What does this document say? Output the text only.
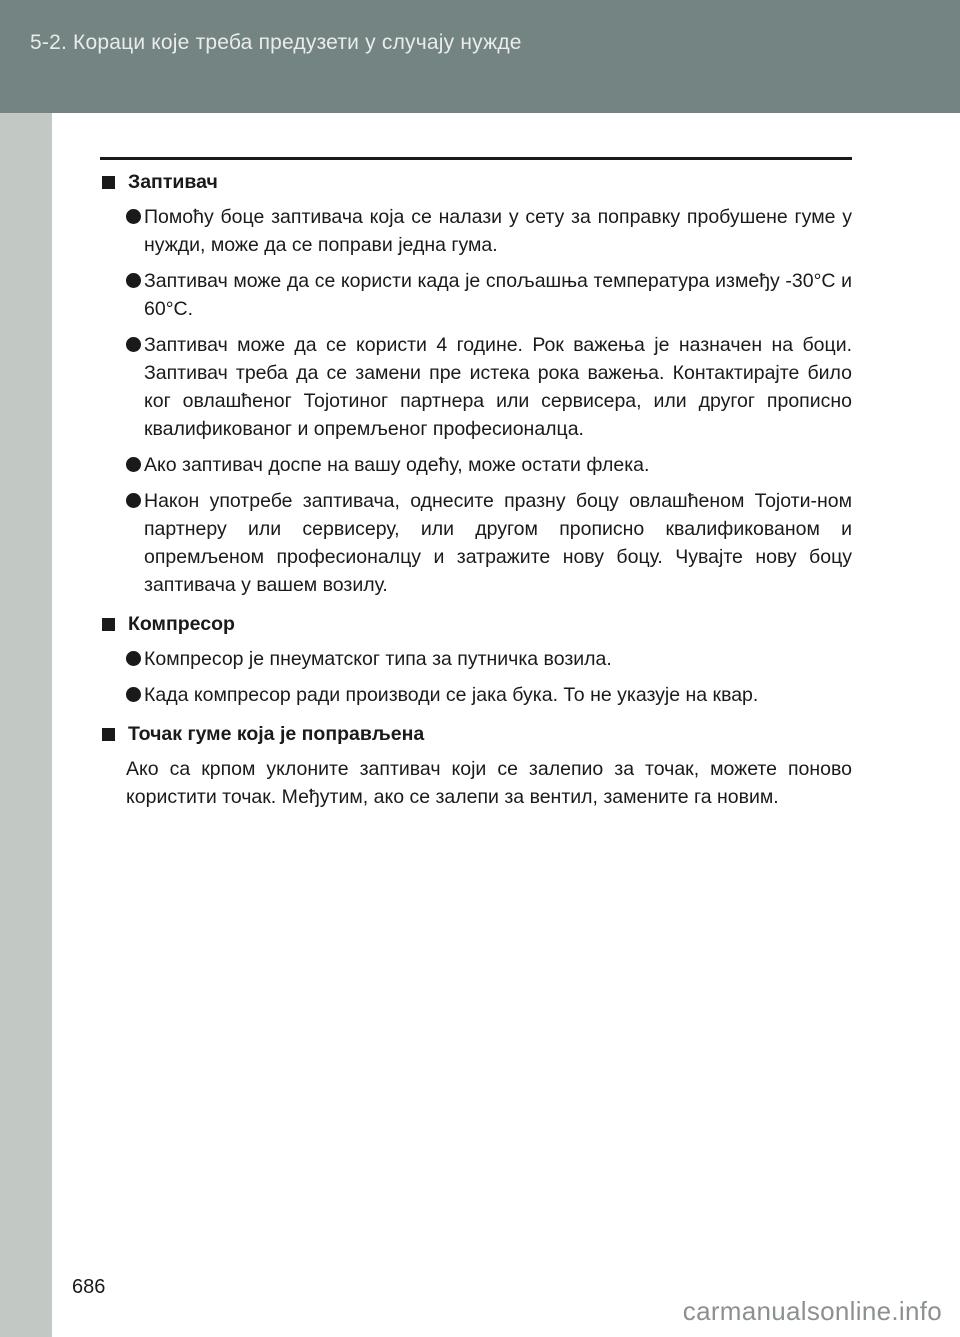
5-2. Кораци које треба предузети у случају нужде
Заптивач
Помоћу боце заптивача која се налази у сету за поправку пробушене гуме у нужди, може да се поправи једна гума.
Заптивач може да се користи када је спољашња температура између -30°C и 60°C.
Заптивач може да се користи 4 године. Рок важења је назначен на боци. Заптивач треба да се замени пре истека рока важења. Контактирајте било ког овлашћеног Тојотиног партнера или сервисера, или другог прописно квалификованог и опремљеног професионалца.
Ако заптивач доспе на вашу одећу, може остати флека.
Након употребе заптивача, однесите празну боцу овлашћеном Тојоти-ном партнеру или сервисеру, или другом прописно квалификованом и опремљеном професионалцу и затражите нову боцу. Чувајте нову боцу заптивача у вашем возилу.
Компресор
Компресор је пнеуматског типа за путничка возила.
Када компресор ради производи се јака бука. То не указује на квар.
Точак гуме која је поправљена
Ако са крпом уклоните заптивач који се залепио за точак, можете поново користити точак. Међутим, ако се залепи за вентил, замените га новим.
686
carmanualsonline.info
